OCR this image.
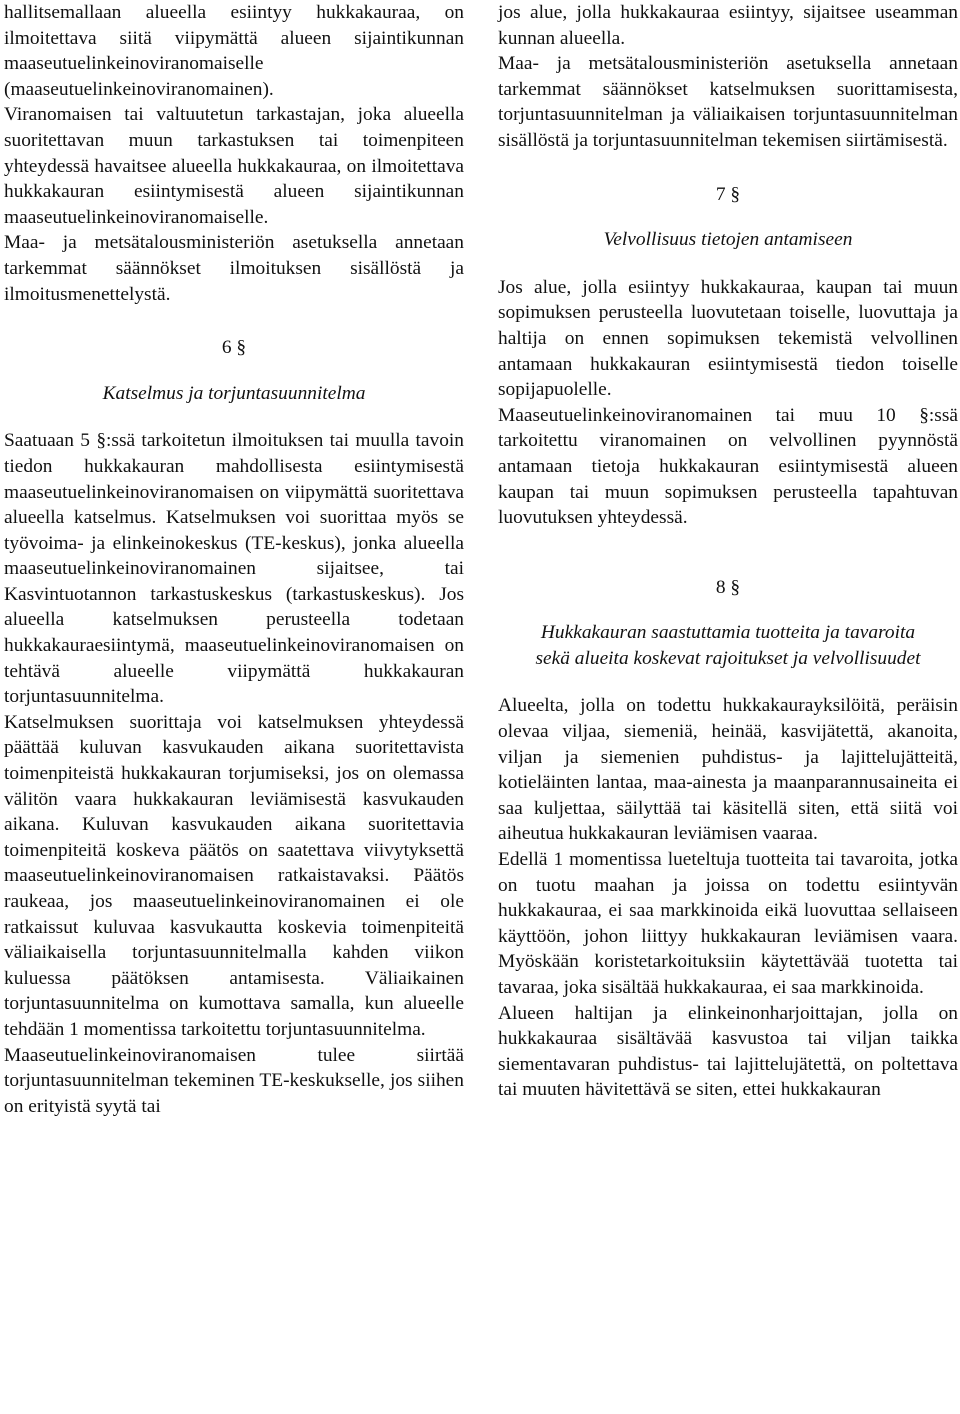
hallitsemallaan alueella esiintyy hukkakauraa, on ilmoitettava siitä viipymättä alueen sijaintikunnan maaseutuelinkeinoviranomaiselle (maaseutuelinkeinoviranomainen).

Viranomaisen tai valtuutetun tarkastajan, joka alueella suoritettavan muun tarkastuksen tai toimenpiteen yhteydessä havaitsee alueella hukkakauraa, on ilmoitettava hukkakauran esiintymisestä alueen sijaintikunnan maaseutuelinkeinoviranomaiselle.

Maa- ja metsätalousministeriön asetuksella annetaan tarkemmat säännökset ilmoituksen sisällöstä ja ilmoitusmenettelystä.

6 §

Katselmus ja torjuntasuunnitelma

Saatuaan 5 §:ssä tarkoitetun ilmoituksen tai muulla tavoin tiedon hukkakauran mahdollisesta esiintymisestä maaseutuelinkeinoviranomaisen on viipymättä suoritettava alueella katselmus. Katselmuksen voi suorittaa myös se työvoima- ja elinkeinokeskus (TE-keskus), jonka alueella maaseutuelinkeinoviranomainen sijaitsee, tai Kasvintuotannon tarkastuskeskus (tarkastuskeskus). Jos alueella katselmuksen perusteella todetaan hukkakauraesiintymä, maaseutuelinkeinoviranomaisen on tehtävä alueelle viipymättä hukkakauran torjuntasuunnitelma.

Katselmuksen suorittaja voi katselmuksen yhteydessä päättää kuluvan kasvukauden aikana suoritettavista toimenpiteistä hukkakauran torjumiseksi, jos on olemassa välitön vaara hukkakauran leviämisestä kasvukauden aikana. Kuluvan kasvukauden aikana suoritettavia toimenpiteitä koskeva päätös on saatettava viivytyksettä maaseutuelinkeinoviranomaisen ratkaistavaksi. Päätös raukeaa, jos maaseutuelinkeinoviranomainen ei ole ratkaissut kuluvaa kasvukautta koskevia toimenpiteitä väliaikaisella torjuntasuunnitelmalla kahden viikon kuluessa päätöksen antamisesta. Väliaikainen torjuntasuunnitelma on kumottava samalla, kun alueelle tehdään 1 momentissa tarkoitettu torjuntasuunnitelma.

Maaseutuelinkeinoviranomaisen tulee siirtää torjuntasuunnitelman tekeminen TE-keskukselle, jos siihen on erityistä syytä tai

jos alue, jolla hukkakauraa esiintyy, sijaitsee useamman kunnan alueella.

Maa- ja metsätalousministeriön asetuksella annetaan tarkemmat säännökset katselmuksen suorittamisesta, torjuntasuunnitelman ja väliaikaisen torjuntasuunnitelman sisällöstä ja torjuntasuunnitelman tekemisen siirtämisestä.

7 §

Velvollisuus tietojen antamiseen

Jos alue, jolla esiintyy hukkakauraa, kaupan tai muun sopimuksen perusteella luovutetaan toiselle, luovuttaja ja haltija on ennen sopimuksen tekemistä velvollinen antamaan hukkakauran esiintymisestä tiedon toiselle sopijapuolelle.

Maaseutuelinkeinoviranomainen tai muu 10 §:ssä tarkoitettu viranomainen on velvollinen pyynnöstä antamaan tietoja hukkakauran esiintymisestä alueen kaupan tai muun sopimuksen perusteella tapahtuvan luovutuksen yhteydessä.

8 §

Hukkakauran saastuttamia tuotteita ja tavaroita sekä alueita koskevat rajoitukset ja velvollisuudet

Alueelta, jolla on todettu hukkakaurayksilöitä, peräisin olevaa viljaa, siemeniä, heinää, kasvijätettä, akanoita, viljan ja siemenien puhdistus- ja lajittelujätteitä, kotieläinten lantaa, maa-ainesta ja maanparannusaineita ei saa kuljettaa, säilyttää tai käsitellä siten, että siitä voi aiheutua hukkakauran leviämisen vaaraa.

Edellä 1 momentissa lueteltuja tuotteita tai tavaroita, jotka on tuotu maahan ja joissa on todettu esiintyvän hukkakauraa, ei saa markkinoida eikä luovuttaa sellaiseen käyttöön, johon liittyy hukkakauran leviämisen vaara. Myöskään koristetarkoituksiin käytettävää tuotetta tai tavaraa, joka sisältää hukkakauraa, ei saa markkinoida.

Alueen haltijan ja elinkeinonharjoittajan, jolla on hukkakauraa sisältävää kasvustoa tai viljan taikka siementavaran puhdistus- tai lajittelujätettä, on poltettava tai muuten hävitettävä se siten, ettei hukkakauran
